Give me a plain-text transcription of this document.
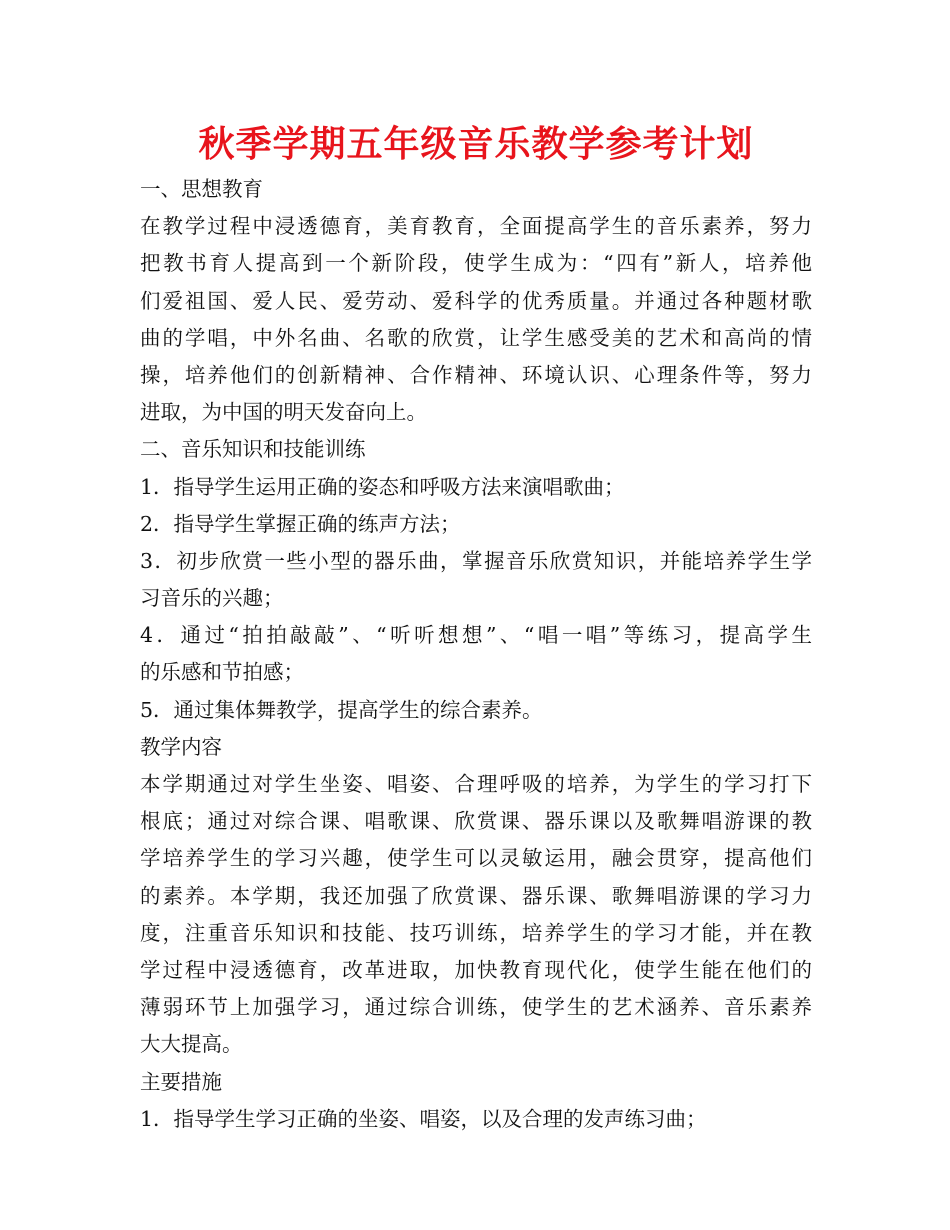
秋季学期五年级音乐教学参考计划
一、思想教育
在教学过程中浸透德育，美育教育，全面提高学生的音乐素养，努力
把教书育人提高到一个新阶段，使学生成为：“四有”新人，培养他
们爱祖国、爱人民、爱劳动、爱科学的优秀质量。并通过各种题材歌
曲的学唱，中外名曲、名歌的欣赏，让学生感受美的艺术和高尚的情
操，培养他们的创新精神、合作精神、环境认识、心理条件等，努力
进取，为中国的明天发奋向上。
二、音乐知识和技能训练
1．指导学生运用正确的姿态和呼吸方法来演唱歌曲；
2．指导学生掌握正确的练声方法；
3．初步欣赏一些小型的器乐曲，掌握音乐欣赏知识，并能培养学生学
习音乐的兴趣；
4．通过“拍拍敲敲”、“听听想想”、“唱一唱”等练习，提高学生
的乐感和节拍感；
5．通过集体舞教学，提高学生的综合素养。
教学内容
本学期通过对学生坐姿、唱姿、合理呼吸的培养，为学生的学习打下
根底；通过对综合课、唱歌课、欣赏课、器乐课以及歌舞唱游课的教
学培养学生的学习兴趣，使学生可以灵敏运用，融会贯穿，提高他们
的素养。本学期，我还加强了欣赏课、器乐课、歌舞唱游课的学习力
度，注重音乐知识和技能、技巧训练，培养学生的学习才能，并在教
学过程中浸透德育，改革进取，加快教育现代化，使学生能在他们的
薄弱环节上加强学习，通过综合训练，使学生的艺术涵养、音乐素养
大大提高。
主要措施
1．指导学生学习正确的坐姿、唱姿，以及合理的发声练习曲；
